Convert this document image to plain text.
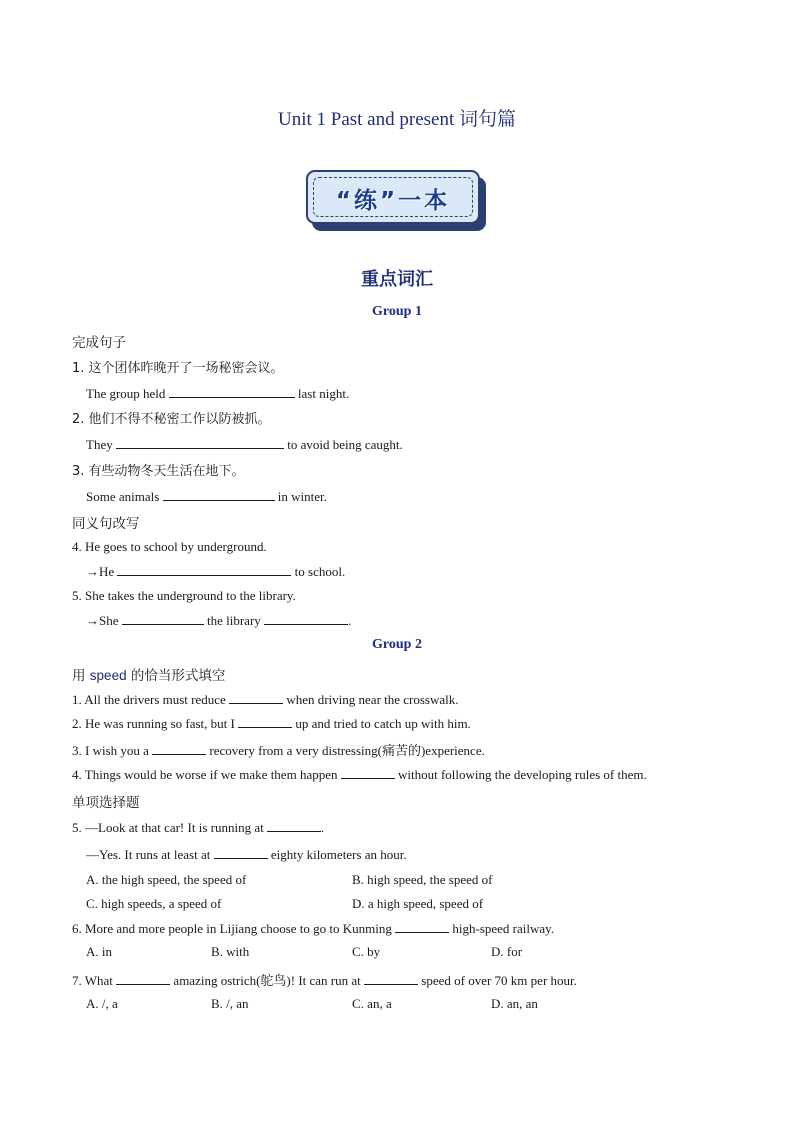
Unit 1 Past and present 词句篇
“练”一本
重点词汇
Group 1
完成句子
1. 这个团体昨晚开了一场秘密会议。
The group held	last night.
2. 他们不得不秘密工作以防被抓。
They	to avoid being caught.
3. 有些动物冬天生活在地下。
Some animals	in winter.
同义句改写
4. He goes to school by underground.
→He	to school.
5. She takes the underground to the library.
→She	the library	.
Group 2
用 speed 的恰当形式填空
1. All the drivers must reduce	when driving near the crosswalk.
2. He was running so fast, but I	up and tried to catch up with him.
3. I wish you a	recovery from a very distressing(痛苦的)experience.
4. Things would be worse if we make them happen	without following the developing rules of them.
单项选择题
5. —Look at that car! It is running at	.
—Yes. It runs at least at	eighty kilometers an hour.
A. the high speed, the speed of	B. high speed, the speed of
C. high speeds, a speed of	D. a high speed, speed of
6. More and more people in Lijiang choose to go to Kunming	high-speed railway.
A. in	B. with	C. by	D. for
7. What	amazing ostrich(鸵鸟)! It can run at	speed of over 70 km per hour.
A. /, a	B. /, an	C. an, a	D. an, an
